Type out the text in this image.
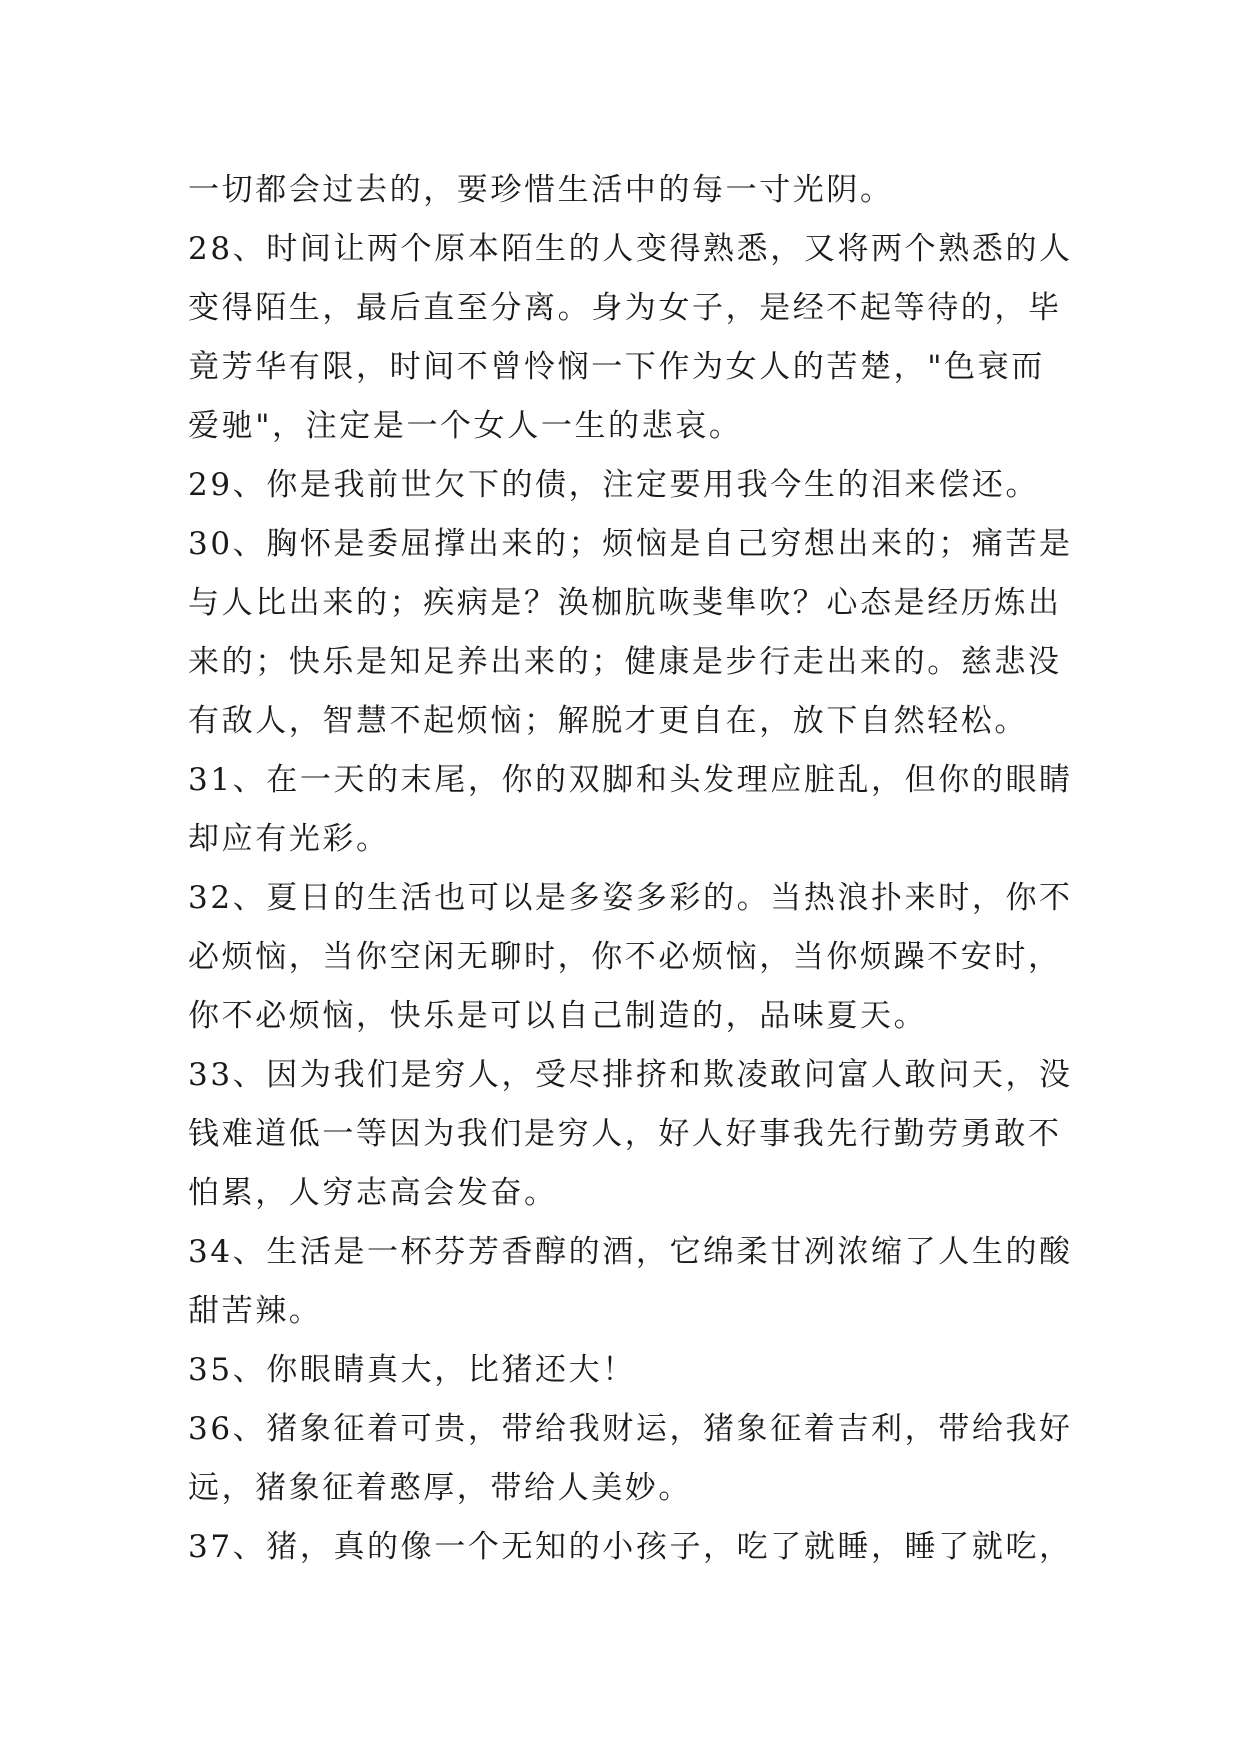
一切都会过去的，要珍惜生活中的每一寸光阴。
28、时间让两个原本陌生的人变得熟悉，又将两个熟悉的人
变得陌生，最后直至分离。身为女子，是经不起等待的，毕
竟芳华有限，时间不曾怜悯一下作为女人的苦楚，"色衰而
爱驰"，注定是一个女人一生的悲哀。
29、你是我前世欠下的债，注定要用我今生的泪来偿还。
30、胸怀是委屈撑出来的；烦恼是自己穷想出来的；痛苦是
与人比出来的；疾病是？涣枷肮咴斐隼吹？心态是经历炼出
来的；快乐是知足养出来的；健康是步行走出来的。慈悲没
有敌人，智慧不起烦恼；解脱才更自在，放下自然轻松。
31、在一天的末尾，你的双脚和头发理应脏乱，但你的眼睛
却应有光彩。
32、夏日的生活也可以是多姿多彩的。当热浪扑来时，你不
必烦恼，当你空闲无聊时，你不必烦恼，当你烦躁不安时，
你不必烦恼，快乐是可以自己制造的，品味夏天。
33、因为我们是穷人，受尽排挤和欺凌敢问富人敢问天，没
钱难道低一等因为我们是穷人，好人好事我先行勤劳勇敢不
怕累，人穷志高会发奋。
34、生活是一杯芬芳香醇的酒，它绵柔甘冽浓缩了人生的酸
甜苦辣。
35、你眼睛真大，比猪还大！
36、猪象征着可贵，带给我财运，猪象征着吉利，带给我好
远，猪象征着憨厚，带给人美妙。
37、猪，真的像一个无知的小孩子，吃了就睡，睡了就吃，
